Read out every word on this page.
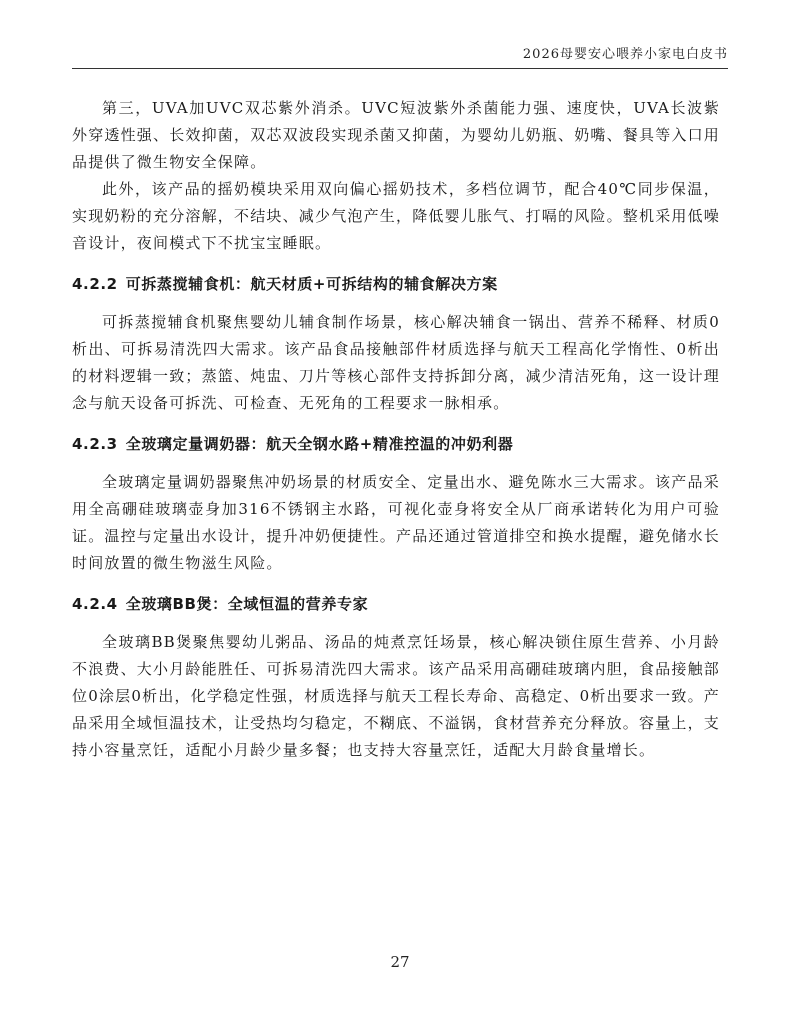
2026母婴安心喂养小家电白皮书

第三，UVA加UVC双芯紫外消杀。UVC短波紫外杀菌能力强、速度快，UVA长波紫外穿透性强、长效抑菌，双芯双波段实现杀菌又抑菌，为婴幼儿奶瓶、奶嘴、餐具等入口用品提供了微生物安全保障。

此外，该产品的摇奶模块采用双向偏心摇奶技术，多档位调节，配合40℃同步保温，实现奶粉的充分溶解，不结块、减少气泡产生，降低婴儿胀气、打嗝的风险。整机采用低噪音设计，夜间模式下不扰宝宝睡眠。

4.2.2 可拆蒸搅辅食机：航天材质+可拆结构的辅食解决方案

可拆蒸搅辅食机聚焦婴幼儿辅食制作场景，核心解决辅食一锅出、营养不稀释、材质0析出、可拆易清洗四大需求。该产品食品接触部件材质选择与航天工程高化学惰性、0析出的材料逻辑一致；蒸篮、炖盅、刀片等核心部件支持拆卸分离，减少清洁死角，这一设计理念与航天设备可拆洗、可检查、无死角的工程要求一脉相承。

4.2.3 全玻璃定量调奶器：航天全钢水路+精准控温的冲奶利器

全玻璃定量调奶器聚焦冲奶场景的材质安全、定量出水、避免陈水三大需求。该产品采用全高硼硅玻璃壶身加316不锈钢主水路，可视化壶身将安全从厂商承诺转化为用户可验证。温控与定量出水设计，提升冲奶便捷性。产品还通过管道排空和换水提醒，避免储水长时间放置的微生物滋生风险。

4.2.4 全玻璃BB煲：全域恒温的营养专家

全玻璃BB煲聚焦婴幼儿粥品、汤品的炖煮烹饪场景，核心解决锁住原生营养、小月龄不浪费、大小月龄能胜任、可拆易清洗四大需求。该产品采用高硼硅玻璃内胆，食品接触部位0涂层0析出，化学稳定性强，材质选择与航天工程长寿命、高稳定、0析出要求一致。产品采用全域恒温技术，让受热均匀稳定，不糊底、不溢锅，食材营养充分释放。容量上，支持小容量烹饪，适配小月龄少量多餐；也支持大容量烹饪，适配大月龄食量增长。

27
